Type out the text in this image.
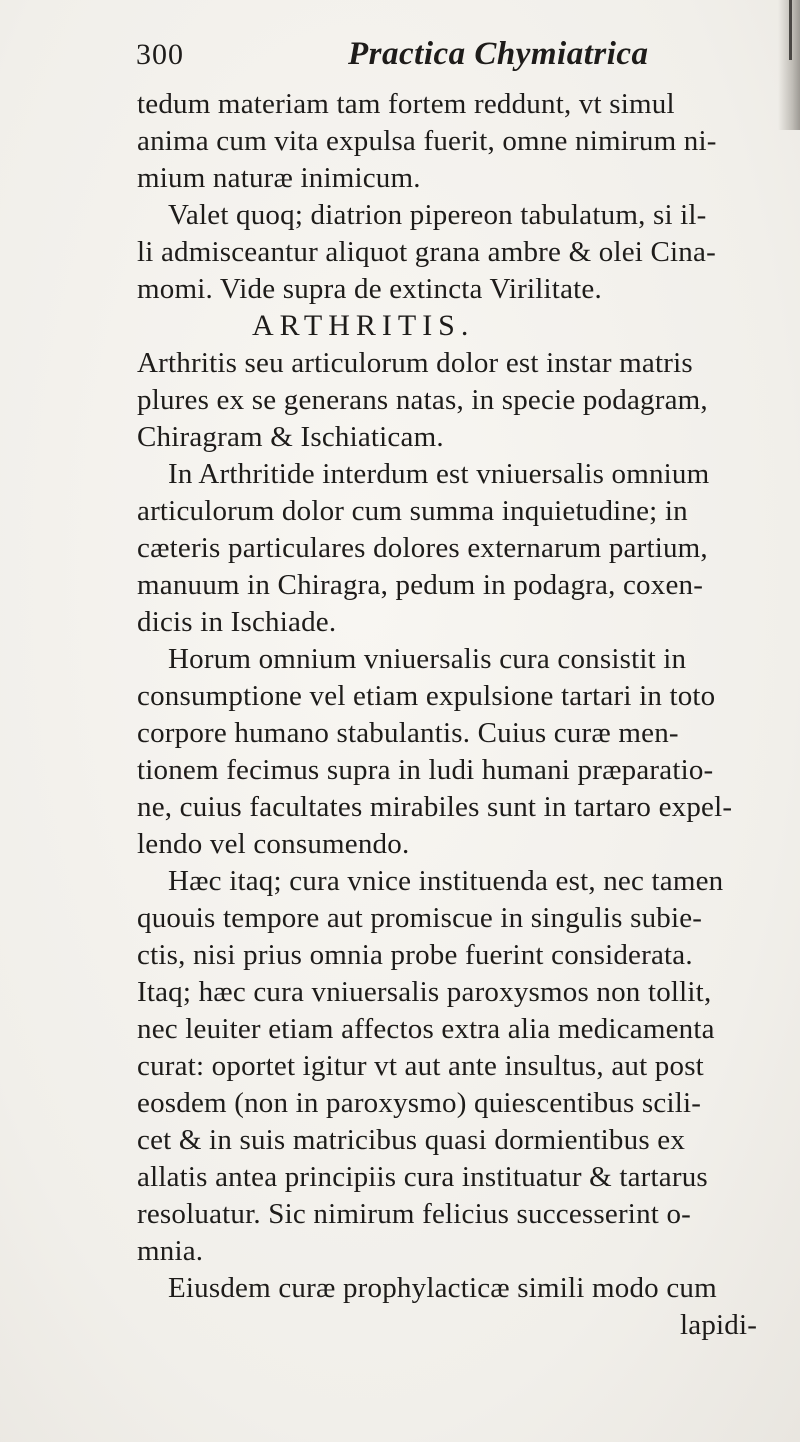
300	Practica Chymiatrica
tedum materiam tam fortem reddunt, vt simul
anima cum vita expulsa fuerit, omne nimirum ni-
mium naturæ inimicum.
Valet quoq; diatrion pipereon tabulatum, si il-
li admisceantur aliquot grana ambre & olei Cina-
momi. Vide supra de extincta Virilitate.
ARTHRITIS.
Arthritis seu articulorum dolor est instar matris
plures ex se generans natas, in specie podagram,
Chiragram & Ischiaticam.
In Arthritide interdum est vniuersalis omnium
articulorum dolor cum summa inquietudine; in
cæteris particulares dolores externarum partium,
manuum in Chiragra, pedum in podagra, coxen-
dicis in Ischiade.
Horum omnium vniuersalis cura consistit in
consumptione vel etiam expulsione tartari in toto
corpore humano stabulantis. Cuius curæ men-
tionem fecimus supra in ludi humani præparatio-
ne, cuius facultates mirabiles sunt in tartaro expel-
lendo vel consumendo.
Hæc itaq; cura vnice instituenda est, nec tamen
quouis tempore aut promiscue in singulis subie-
ctis, nisi prius omnia probe fuerint considerata.
Itaq; hæc cura vniuersalis paroxysmos non tollit,
nec leuiter etiam affectos extra alia medicamenta
curat: oportet igitur vt aut ante insultus, aut post
eosdem (non in paroxysmo) quiescentibus scili-
cet & in suis matricibus quasi dormientibus ex
allatis antea principiis cura instituatur & tartarus
resoluatur. Sic nimirum felicius successerint o-
mnia.
Eiusdem curæ prophylacticæ simili modo cum
lapidi-
